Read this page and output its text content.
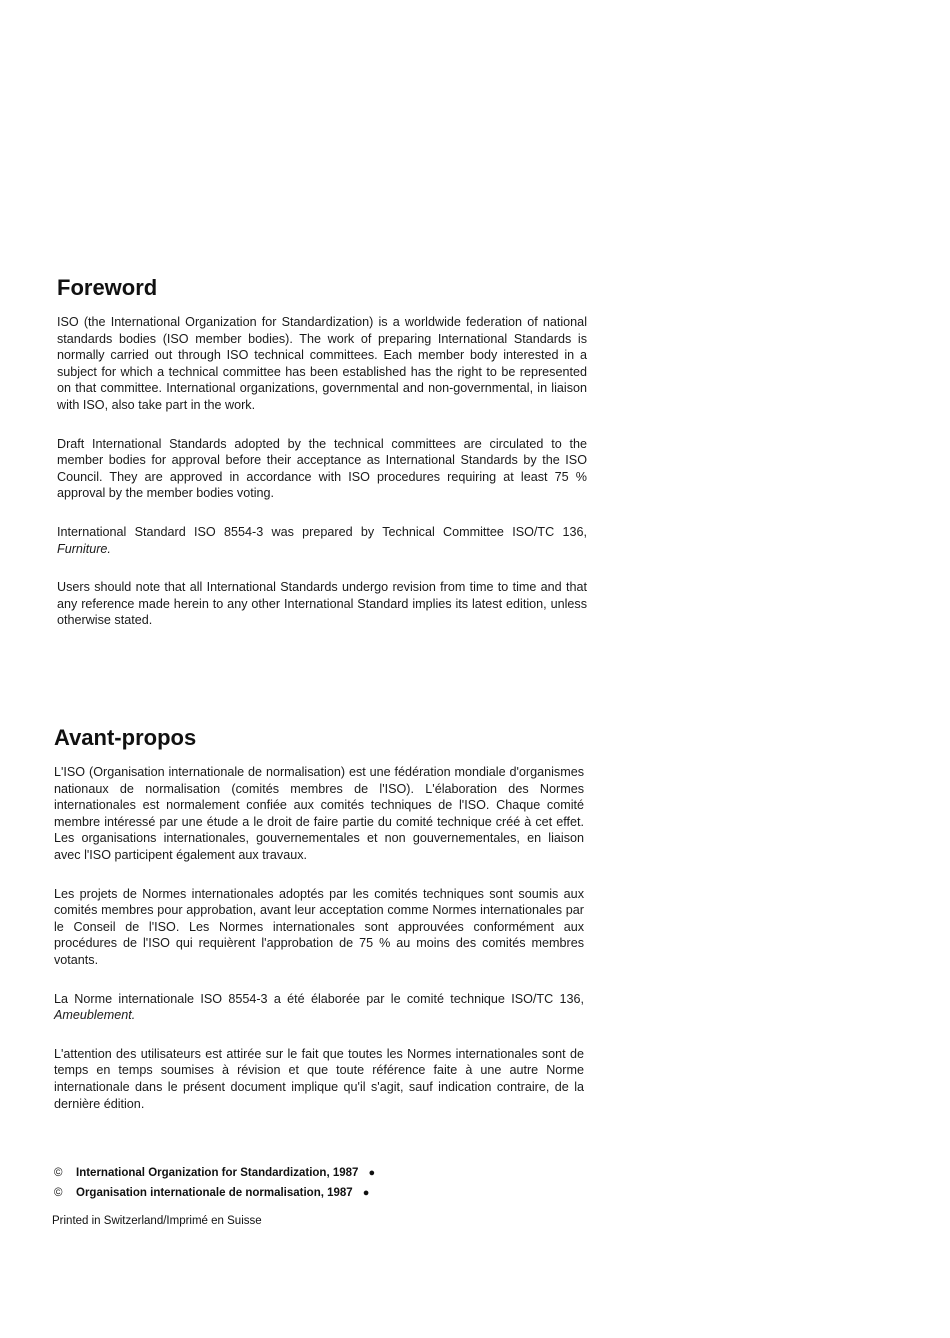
Foreword

ISO (the International Organization for Standardization) is a worldwide federation of national standards bodies (ISO member bodies). The work of preparing International Standards is normally carried out through ISO technical committees. Each member body interested in a subject for which a technical committee has been established has the right to be represented on that committee. International organizations, governmental and non-governmental, in liaison with ISO, also take part in the work.

Draft International Standards adopted by the technical committees are circulated to the member bodies for approval before their acceptance as International Standards by the ISO Council. They are approved in accordance with ISO procedures requiring at least 75 % approval by the member bodies voting.

International Standard ISO 8554-3 was prepared by Technical Committee ISO/TC 136, Furniture.

Users should note that all International Standards undergo revision from time to time and that any reference made herein to any other International Standard implies its latest edition, unless otherwise stated.

Avant-propos

L'ISO (Organisation internationale de normalisation) est une fédération mondiale d'organismes nationaux de normalisation (comités membres de l'ISO). L'élaboration des Normes internationales est normalement confiée aux comités techniques de l'ISO. Chaque comité membre intéressé par une étude a le droit de faire partie du comité technique créé à cet effet. Les organisations internationales, gouvernementales et non gouvernementales, en liaison avec l'ISO participent également aux travaux.

Les projets de Normes internationales adoptés par les comités techniques sont soumis aux comités membres pour approbation, avant leur acceptation comme Normes internationales par le Conseil de l'ISO. Les Normes internationales sont approuvées conformément aux procédures de l'ISO qui requièrent l'approbation de 75 % au moins des comités membres votants.

La Norme internationale ISO 8554-3 a été élaborée par le comité technique ISO/TC 136, Ameublement.

L'attention des utilisateurs est attirée sur le fait que toutes les Normes internationales sont de temps en temps soumises à révision et que toute référence faite à une autre Norme internationale dans le présent document implique qu'il s'agit, sauf indication contraire, de la dernière édition.

© International Organization for Standardization, 1987 ●
© Organisation internationale de normalisation, 1987 ●
Printed in Switzerland/Imprimé en Suisse
